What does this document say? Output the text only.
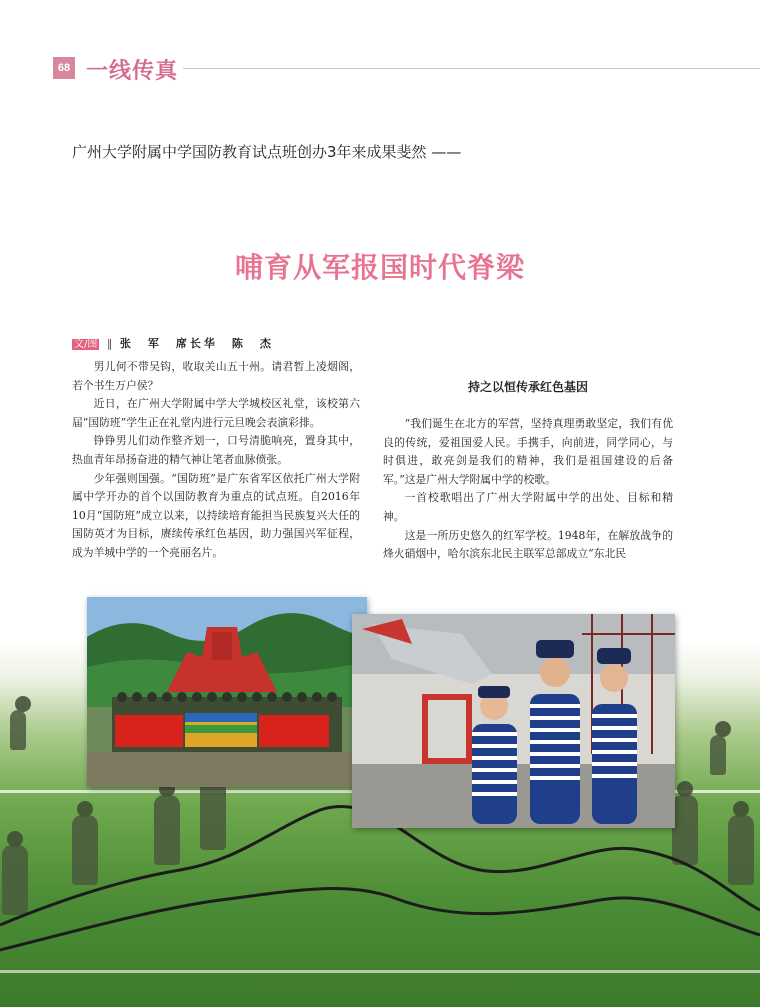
68 一线传真
广州大学附属中学国防教育试点班创办3年来成果斐然 ——
哺育从军报国时代脊梁
文/图 ‖ 张　军　席长华　陈　杰

男儿何不带吴钩，收取关山五十州。请君暂上凌烟阁，若个书生万户侯？

近日，在广州大学附属中学大学城校区礼堂，该校第六届“国防班”学生正在礼堂内进行元旦晚会表演彩排。

铮铮男儿们动作整齐划一，口号清脆响亮，置身其中，热血青年昂扬奋进的精气神让笔者血脉偾张。

少年强则国强。“国防班”是广东省军区依托广州大学附属中学开办的首个以国防教育为重点的试点班。自2016年10月“国防班”成立以来，以持续培育能担当民族复兴大任的国防英才为目标，赓续传承红色基因，助力强国兴军征程，成为羊城中学的一个亮丽名片。

持之以恒传承红色基因

“我们诞生在北方的军营，坚持真理勇敢坚定，我们有优良的传统，爱祖国爱人民。手携手，向前进，同学同心，与时俱进，敢亮剑是我们的精神，我们是祖国建设的后备军。”这是广州大学附属中学的校歌。

一首校歌唱出了广州大学附属中学的出处、目标和精神。

这是一所历史悠久的红军学校。1948年，在解放战争的烽火硝烟中，哈尔滨东北民主联军总部成立“东北民
